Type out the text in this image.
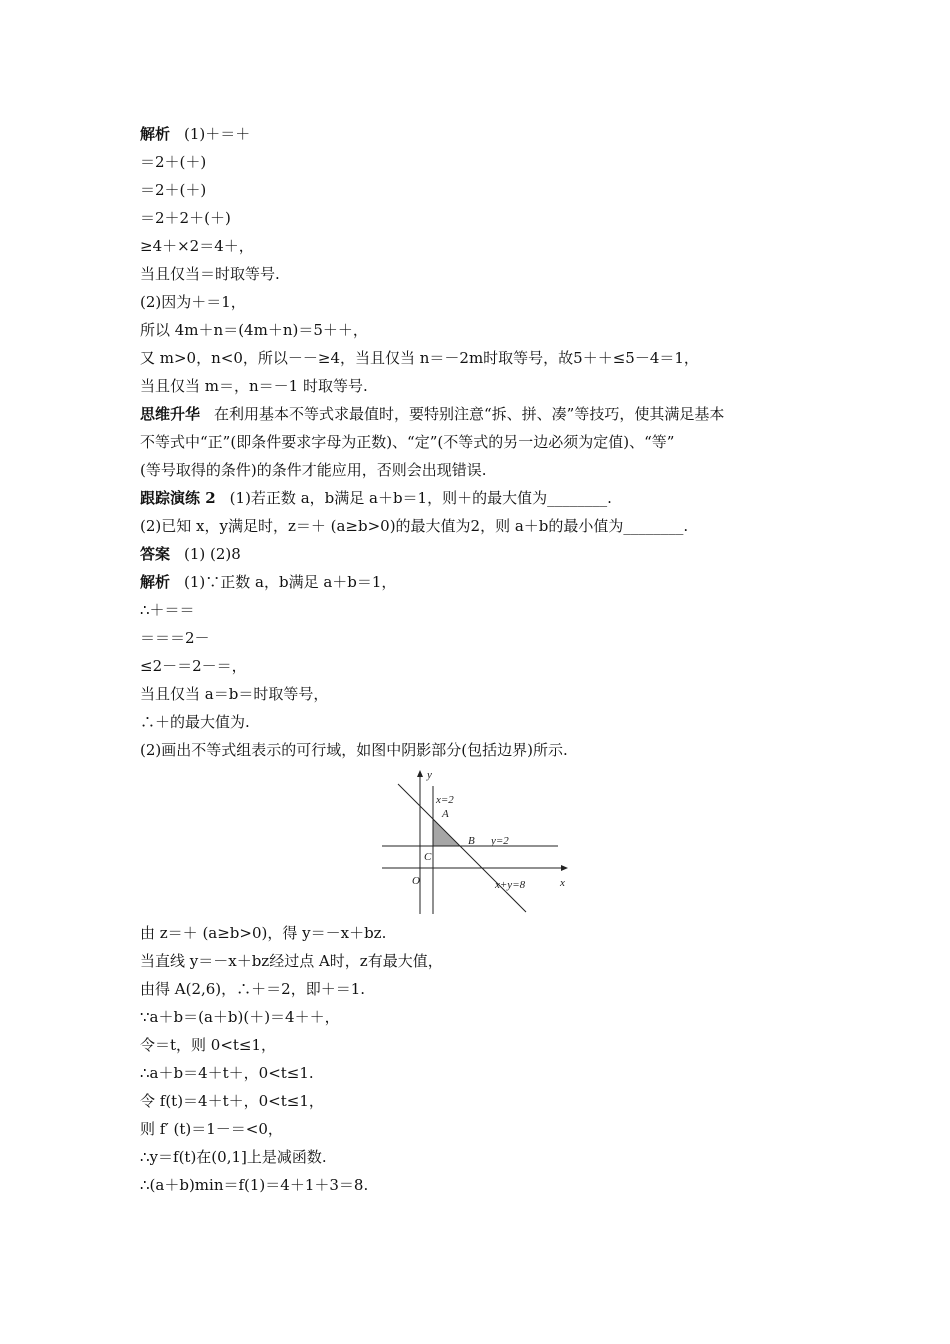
解析 (1)＋＝＋
＝2＋(＋)
＝2＋(＋)
＝2＋2＋(＋)
≥4＋×2＝4＋，
当且仅当＝时取等号.
(2)因为＋＝1，
所以 4m＋n＝(4m＋n)＝5＋＋，
又 m>0，n<0，所以－－≥4，当且仅当 n＝－2m时取等号，故5＋＋≤5－4＝1，
当且仅当 m＝，n＝－1 时取等号.
思维升华 在利用基本不等式求最值时，要特别注意“拆、拼、凑”等技巧，使其满足基本
不等式中“正”(即条件要求字母为正数)、“定”(不等式的另一边必须为定值)、“等”
(等号取得的条件)的条件才能应用，否则会出现错误.
跟踪演练 2 (1)若正数 a，b满足 a＋b＝1，则＋的最大值为________.
(2)已知 x，y满足时，z＝＋ (a≥b>0)的最大值为2，则 a＋b的最小值为________.
答案 (1) (2)8
解析 (1)∵正数 a，b满足 a＋b＝1，
∴＋＝＝
＝＝＝2－
≤2－＝2－＝，
当且仅当 a＝b＝时取等号，
∴＋的最大值为.
(2)画出不等式组表示的可行域，如图中阴影部分(包括边界)所示.
y
x
O
A
B
C
x=2
y=2
x+y=8
由 z＝＋ (a≥b>0)，得 y＝－x＋bz.
当直线 y＝－x＋bz经过点 A时，z有最大值，
由得 A(2,6)，∴＋＝2，即＋＝1.
∵a＋b＝(a＋b)(＋)＝4＋＋，
令＝t，则 0<t≤1，
∴a＋b＝4＋t＋，0<t≤1.
令 f(t)＝4＋t＋，0<t≤1，
则 f′ (t)＝1－＝<0，
∴y＝f(t)在(0,1]上是减函数.
∴(a＋b)min＝f(1)＝4＋1＋3＝8.
